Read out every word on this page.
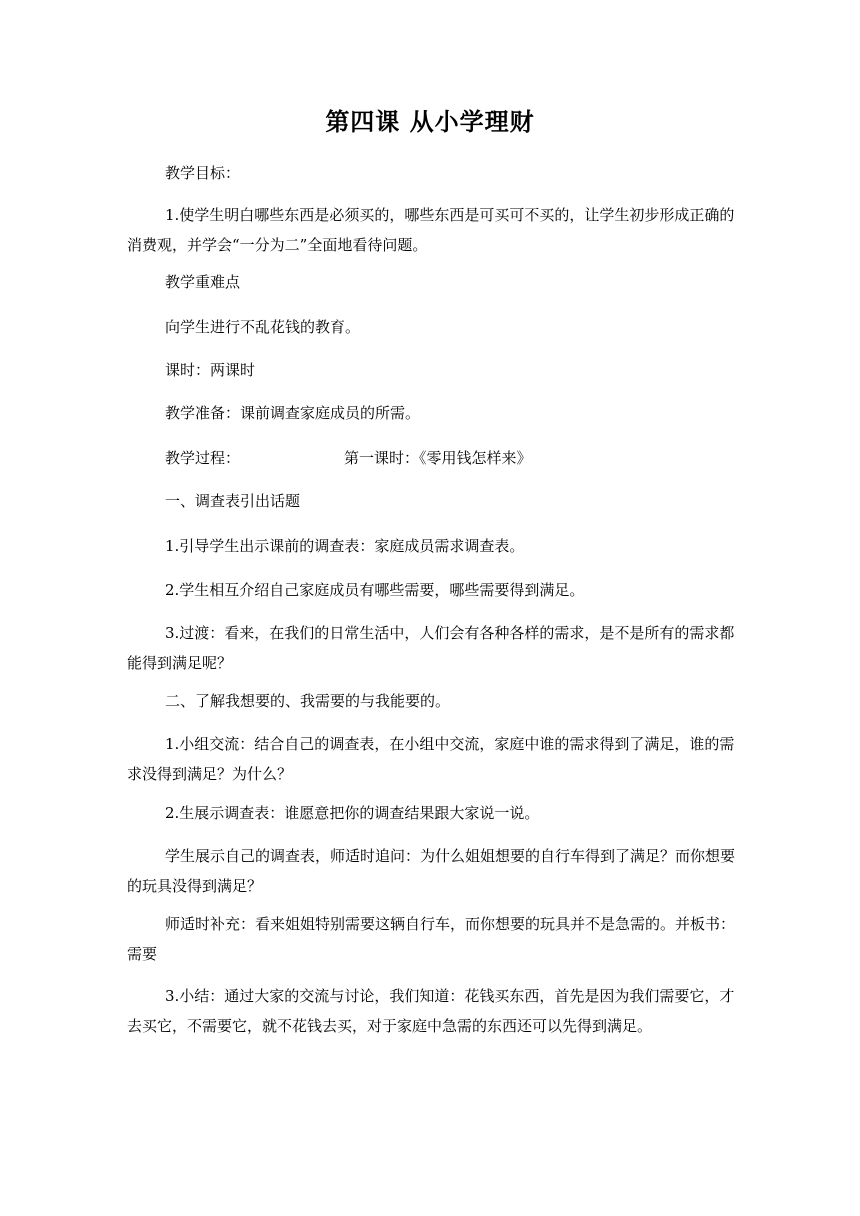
第四课 从小学理财

教学目标：

1.使学生明白哪些东西是必须买的，哪些东西是可买可不买的，让学生初步形成正确的消费观，并学会“一分为二”全面地看待问题。

教学重难点

向学生进行不乱花钱的教育。

课时：两课时

教学准备：课前调查家庭成员的所需。

教学过程：	第一课时：《零用钱怎样来》

一、调查表引出话题

1.引导学生出示课前的调查表：家庭成员需求调查表。

2.学生相互介绍自己家庭成员有哪些需要，哪些需要得到满足。

3.过渡：看来，在我们的日常生活中，人们会有各种各样的需求，是不是所有的需求都能得到满足呢？

二、了解我想要的、我需要的与我能要的。

1.小组交流：结合自己的调查表，在小组中交流，家庭中谁的需求得到了满足，谁的需求没得到满足？为什么？

2.生展示调查表：谁愿意把你的调查结果跟大家说一说。

学生展示自己的调查表，师适时追问：为什么姐姐想要的自行车得到了满足？而你想要的玩具没得到满足？

师适时补充：看来姐姐特别需要这辆自行车，而你想要的玩具并不是急需的。并板书：需要

3.小结：通过大家的交流与讨论，我们知道：花钱买东西，首先是因为我们需要它，才去买它，不需要它，就不花钱去买，对于家庭中急需的东西还可以先得到满足。
